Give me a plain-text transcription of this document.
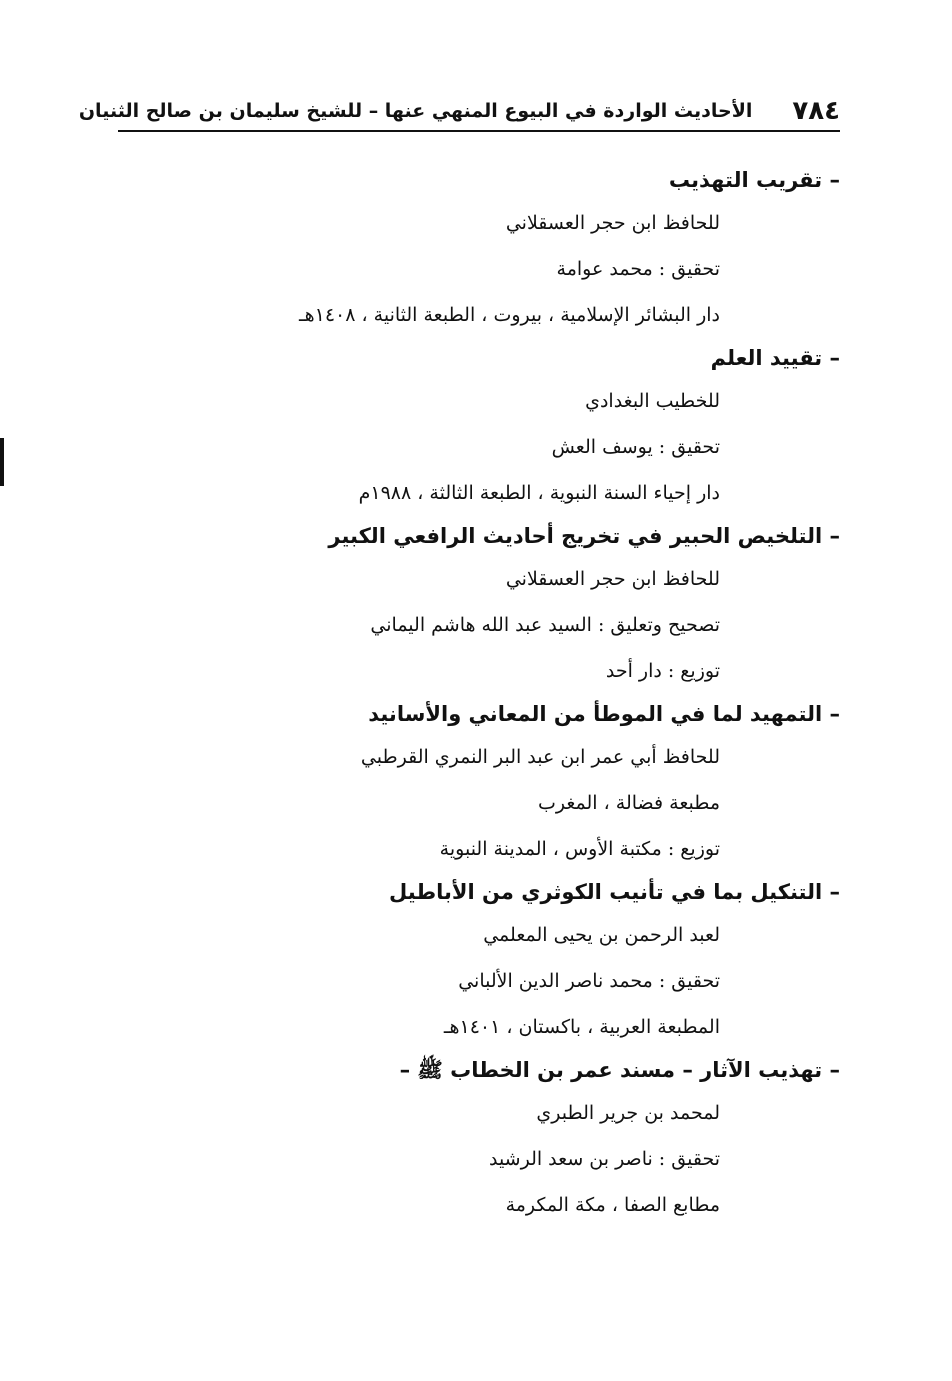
٧٨٤
الأحاديث الواردة في البيوع المنهي عنها – للشيخ سليمان بن صالح الثنيان
– تقريب التهذيب
للحافظ ابن حجر العسقلاني
تحقيق : محمد عوامة
دار البشائر الإسلامية ، بيروت ، الطبعة الثانية ، ١٤٠٨هـ
– تقييد العلم
للخطيب البغدادي
تحقيق : يوسف العش
دار إحياء السنة النبوية ، الطبعة الثالثة ، ١٩٨٨م
– التلخيص الحبير في تخريج أحاديث الرافعي الكبير
للحافظ ابن حجر العسقلاني
تصحيح وتعليق : السيد عبد الله هاشم اليماني
توزيع : دار أحد
– التمهيد لما في الموطأ من المعاني والأسانيد
للحافظ أبي عمر ابن عبد البر النمري القرطبي
مطبعة فضالة ، المغرب
توزيع : مكتبة الأوس ، المدينة النبوية
– التنكيل بما في تأنيب الكوثري من الأباطيل
لعبد الرحمن بن يحيى المعلمي
تحقيق : محمد ناصر الدين الألباني
المطبعة العربية ، باكستان ، ١٤٠١هـ
– تهذيب الآثار – مسند عمر بن الخطاب ﷺ –
لمحمد بن جرير الطبري
تحقيق : ناصر بن سعد الرشيد
مطابع الصفا ، مكة المكرمة
